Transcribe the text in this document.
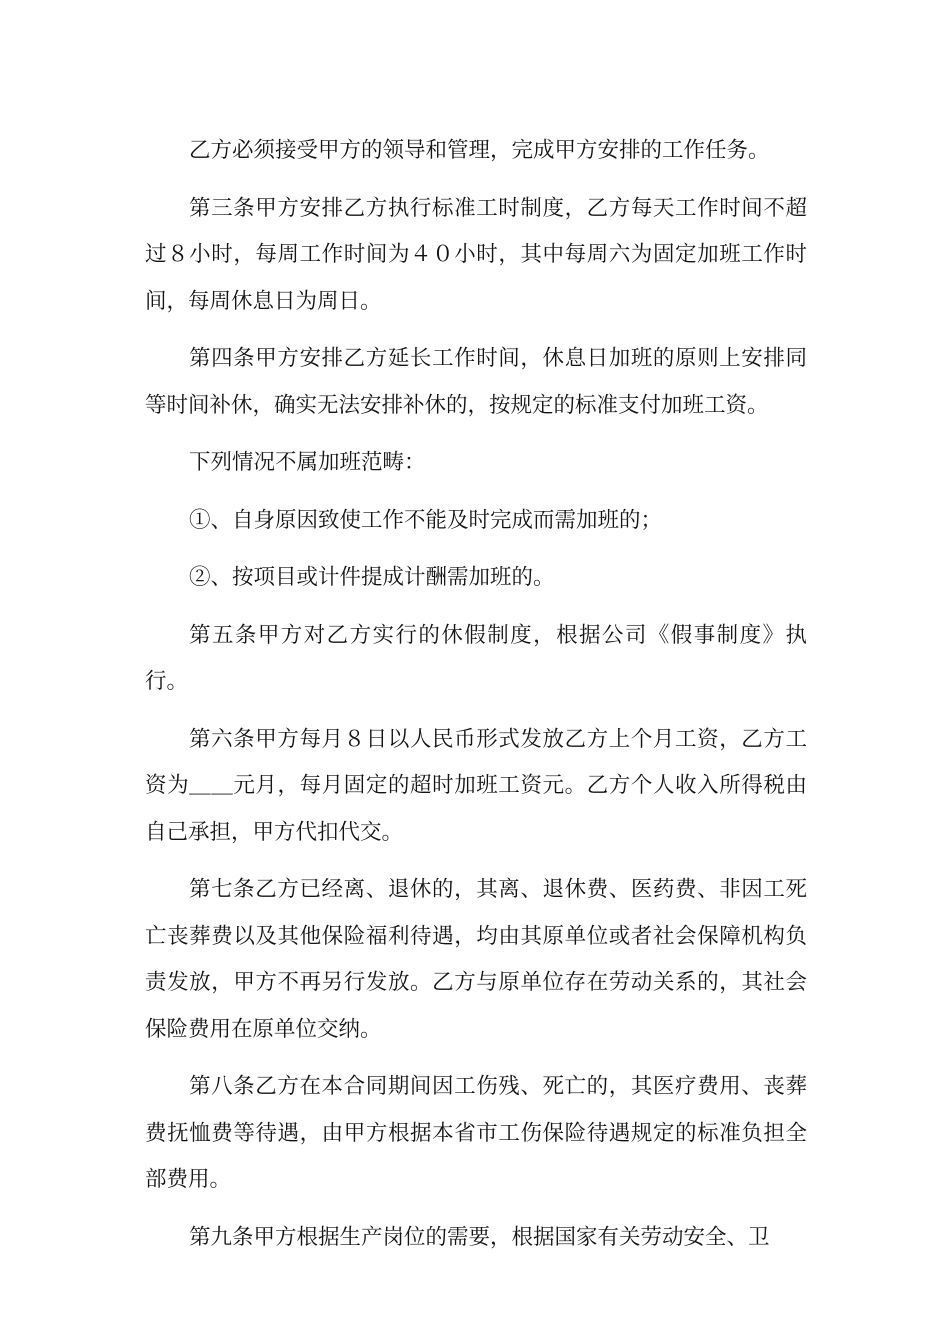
乙方必须接受甲方的领导和管理，完成甲方安排的工作任务。

第三条甲方安排乙方执行标准工时制度，乙方每天工作时间不超过８小时，每周工作时间为４０小时，其中每周六为固定加班工作时间，每周休息日为周日。

第四条甲方安排乙方延长工作时间，休息日加班的原则上安排同等时间补休，确实无法安排补休的，按规定的标准支付加班工资。

下列情况不属加班范畴：

①、自身原因致使工作不能及时完成而需加班的；

②、按项目或计件提成计酬需加班的。

第五条甲方对乙方实行的休假制度，根据公司《假事制度》执行。

第六条甲方每月８日以人民币形式发放乙方上个月工资，乙方工资为＿＿元月，每月固定的超时加班工资元。乙方个人收入所得税由自己承担，甲方代扣代交。

第七条乙方已经离、退休的，其离、退休费、医药费、非因工死亡丧葬费以及其他保险福利待遇，均由其原单位或者社会保障机构负责发放，甲方不再另行发放。乙方与原单位存在劳动关系的，其社会保险费用在原单位交纳。

第八条乙方在本合同期间因工伤残、死亡的，其医疗费用、丧葬费抚恤费等待遇，由甲方根据本省市工伤保险待遇规定的标准负担全部费用。

第九条甲方根据生产岗位的需要，根据国家有关劳动安全、卫
